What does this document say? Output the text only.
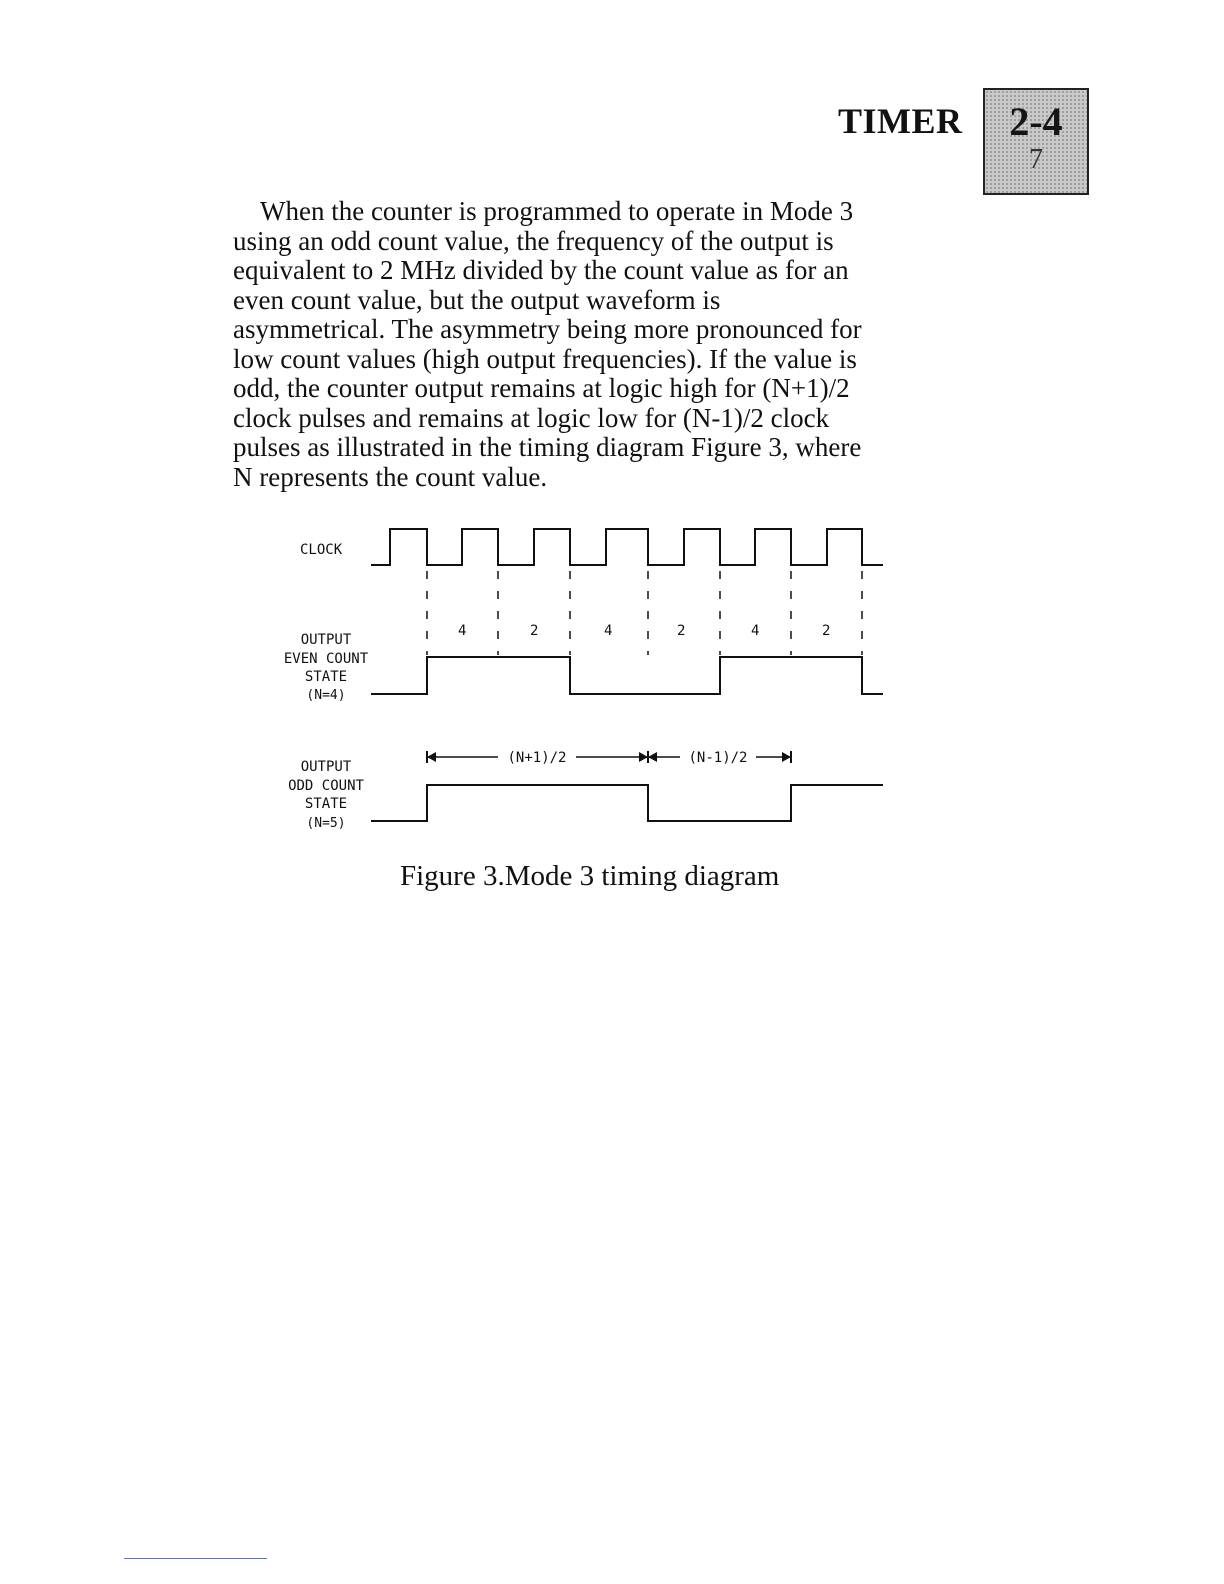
TIMER	2-4
7
When the counter is programmed to operate in Mode 3
using an odd count value, the frequency of the output is
equivalent to 2 MHz divided by the count value as for an
even count value, but the output waveform is
asymmetrical. The asymmetry being more pronounced for
low count values (high output frequencies). If the value is
odd, the counter output remains at logic high for (N+1)/2
clock pulses and remains at logic low for (N-1)/2 clock
pulses as illustrated in the timing diagram Figure 3, where
N represents the count value.
CLOCK
4	2	4	2	4	2
OUTPUT
EVEN COUNT
STATE
(N=4)
(N+1)/2	(N-1)/2
OUTPUT
ODD COUNT
STATE
(N=5)
Figure 3.Mode 3 timing diagram
